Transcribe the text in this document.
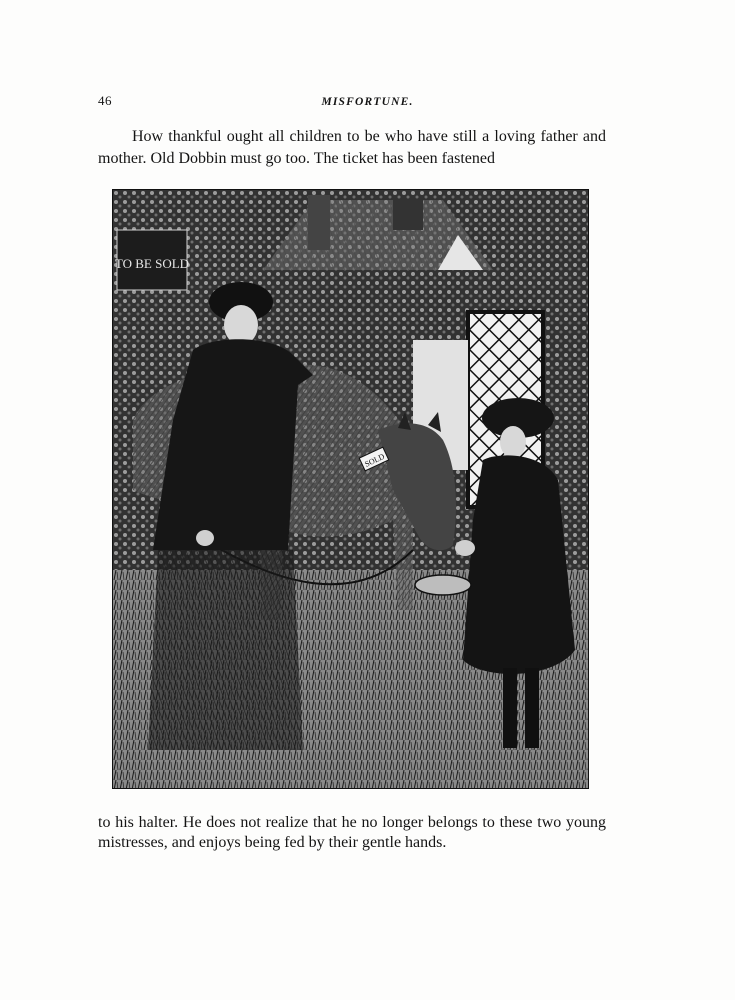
46	MISFORTUNE.
How thankful ought all children to be who have still a loving father and mother. Old Dobbin must go too. The ticket has been fastened
TO BE SOLD
SOLD
to his halter. He does not realize that he no longer belongs to these two young mistresses, and enjoys being fed by their gentle hands.
